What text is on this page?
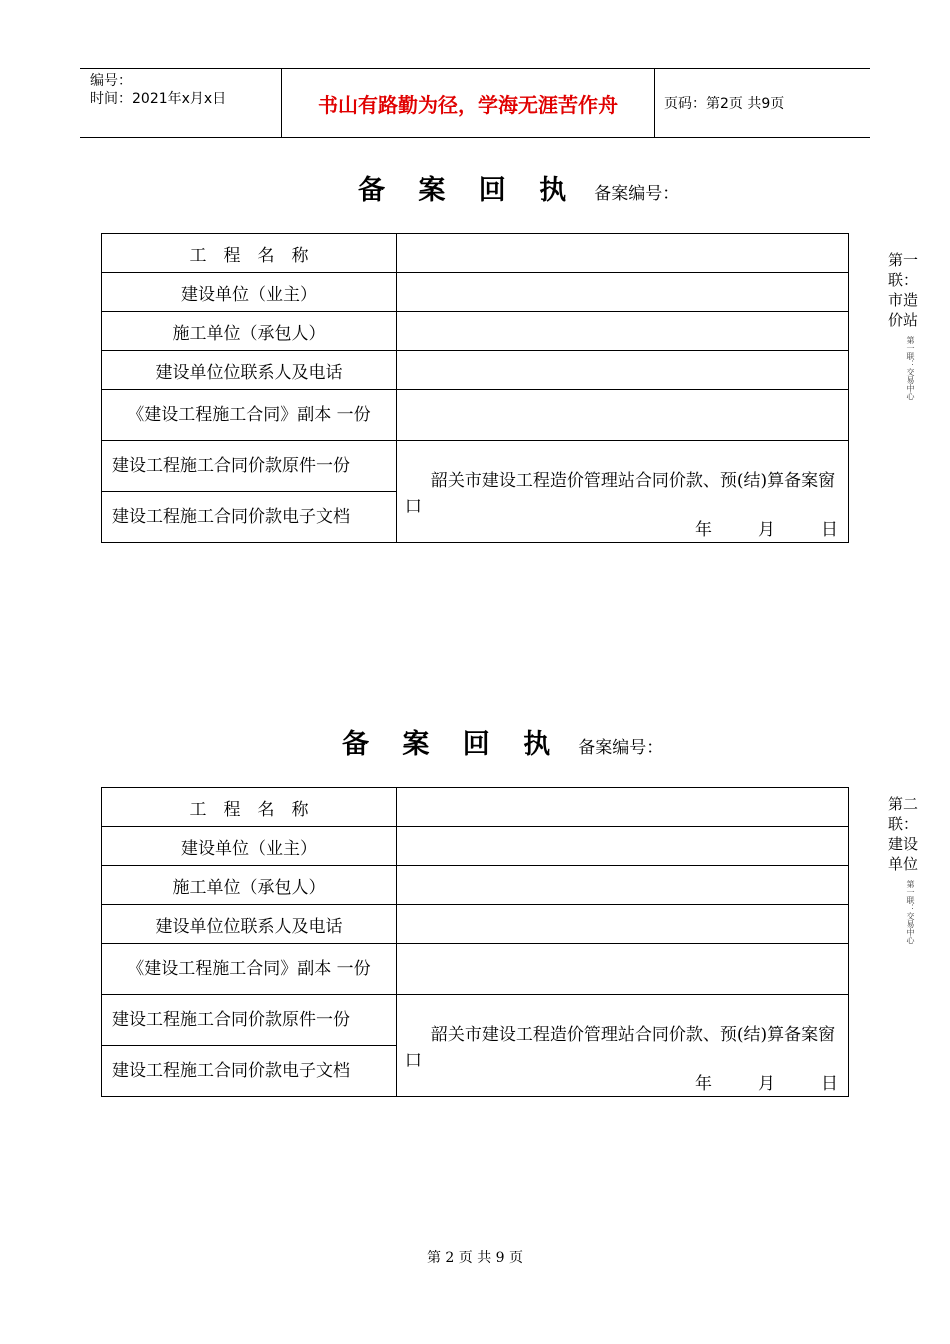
编号：
时间：2021年x月x日	书山有路勤为径，学海无涯苦作舟	页码：第2页 共9页
备 案 回 执 备案编号：
工　程　名　称	
建设单位（业主）	
施工单位（承包人）	
建设单位位联系人及电话	
《建设工程施工合同》副本 一份	
建设工程施工合同价款原件一份	韶关市建设工程造价管理站合同价款、预(结)算备案窗口
年 月 日

建设工程施工合同价款电子文档	
第一联：市造价站
第一联：交易中心
备 案 回 执 备案编号：
工　程　名　称	
建设单位（业主）	
施工单位（承包人）	
建设单位位联系人及电话	
《建设工程施工合同》副本 一份	
建设工程施工合同价款原件一份	韶关市建设工程造价管理站合同价款、预(结)算备案窗口
年 月 日

建设工程施工合同价款电子文档	
第二联：建设单位
第一联：交易中心
第 2 页 共 9 页
